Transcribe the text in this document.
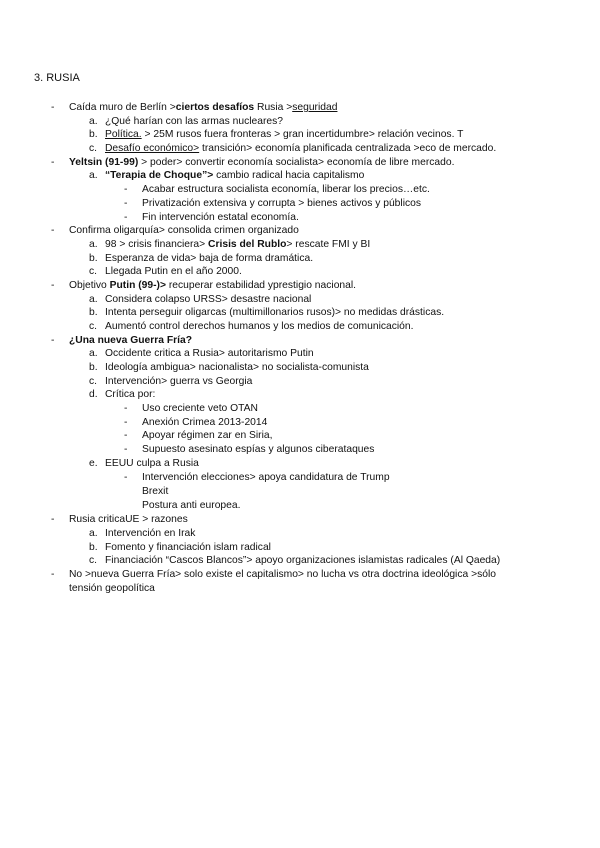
3. RUSIA
- Caída muro de Berlín >ciertos desafíos Rusia >seguridad
a. ¿Qué harían con las armas nucleares?
b. Política. > 25M rusos fuera fronteras > gran incertidumbre> relación vecinos. T
c. Desafío económico> transición> economía planificada centralizada >eco de mercado.
- Yeltsin (91-99) > poder> convertir economía socialista> economía de libre mercado.
a. “Terapia de Choque”> cambio radical hacia capitalismo
- Acabar estructura socialista economía, liberar los precios…etc.
- Privatización extensiva y corrupta > bienes activos y públicos
- Fin intervención estatal economía.
- Confirma oligarquía> consolida crimen organizado
a. 98 > crisis financiera> Crisis del Rublo> rescate FMI y BI
b. Esperanza de vida> baja de forma dramática.
c. Llegada Putin en el año 2000.
- Objetivo Putin (99-)> recuperar estabilidad yprestigio nacional.
a. Considera colapso URSS> desastre nacional
b. Intenta perseguir oligarcas (multimillonarios rusos)> no medidas drásticas.
c. Aumentó control derechos humanos y los medios de comunicación.
- ¿Una nueva Guerra Fría?
a. Occidente critica a Rusia> autoritarismo Putin
b. Ideología ambigua> nacionalista> no socialista-comunista
c. Intervención> guerra vs Georgia
d. Crítica por:
- Uso creciente veto OTAN
- Anexión Crimea 2013-2014
- Apoyar régimen zar en Siria,
- Supuesto asesinato espías y algunos ciberataques
e. EEUU culpa a Rusia
- Intervención elecciones> apoya candidatura de Trump
Brexit
Postura anti europea.
- Rusia criticaUE > razones
a. Intervención en Irak
b. Fomento y financiación islam radical
c. Financiación “Cascos Blancos”> apoyo organizaciones islamistas radicales (Al Qaeda)
- No >nueva Guerra Fría> solo existe el capitalismo> no lucha vs otra doctrina ideológica >sólo
tensión geopolítica
